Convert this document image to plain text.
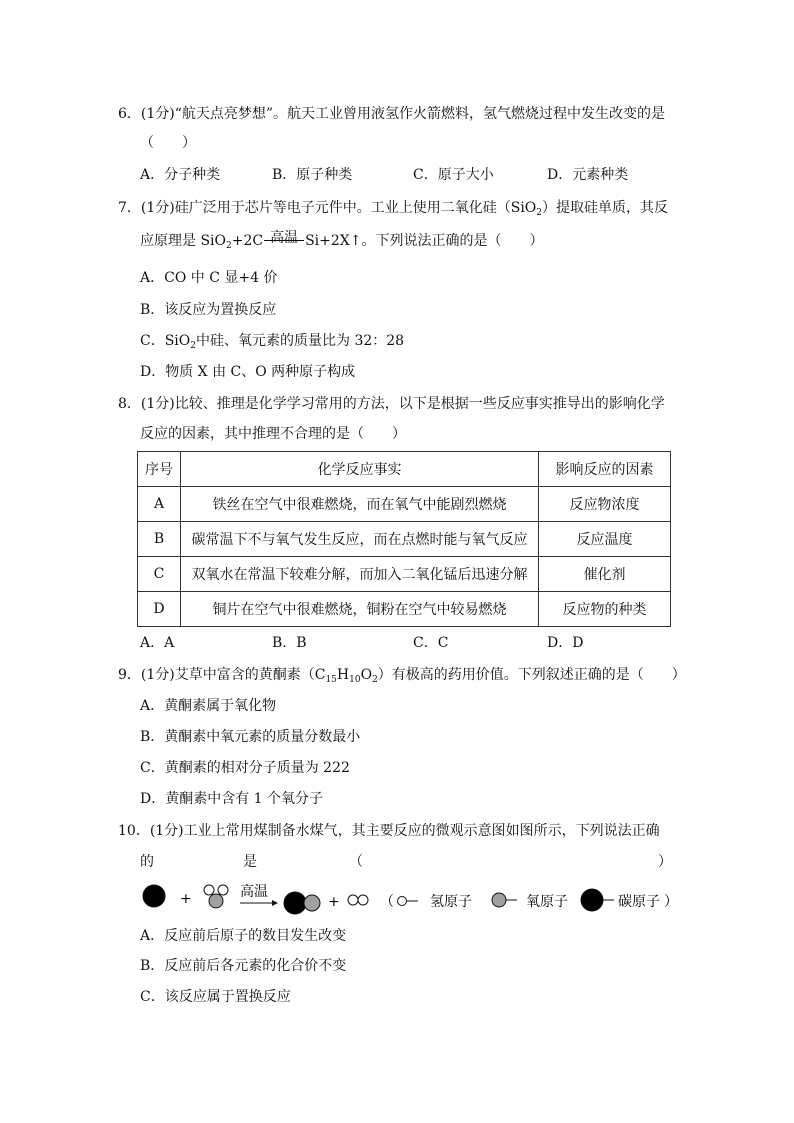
6．(1分)“航天点亮梦想”。航天工业曾用液氢作火箭燃料，氢气燃烧过程中发生改变的是
（　　）
A．分子种类	B．原子种类	C．原子大小	D．元素种类
7．(1分)硅广泛用于芯片等电子元件中。工业上使用二氧化硅（SiO$_2$）提取硅单质，其反
应原理是 SiO$_2$+2C 高温 Si+2X↑。下列说法正确的是（　　）
A．CO 中 C 显+4 价
B．该反应为置换反应
C．SiO$_2$中硅、氧元素的质量比为 32：28
D．物质 X 由 C、O 两种原子构成
8．(1分)比较、推理是化学学习常用的方法，以下是根据一些反应事实推导出的影响化学
反应的因素，其中推理不合理的是（　　）
序号	化学反应事实	影响反应的因素
A	铁丝在空气中很难燃烧，而在氧气中能剧烈燃烧	反应物浓度
B	碳常温下不与氧气发生反应，而在点燃时能与氧气反应	反应温度
C	双氧水在常温下较难分解，而加入二氧化锰后迅速分解	催化剂
D	铜片在空气中很难燃烧，铜粉在空气中较易燃烧	反应物的种类
A．A	B．B	C．C	D．D
9．(1分)艾草中富含的黄酮素$(C_{15}H_{10}O_2)$有极高的药用价值。下列叙述正确的是（　　）
A．黄酮素属于氧化物
B．黄酮素中氧元素的质量分数最小
C．黄酮素的相对分子质量为 222
D．黄酮素中含有 1 个氧分子
10．(1分)工业上常用煤制备水煤气，其主要反应的微观示意图如图所示，下列说法正确
的	是	（	）
+	高温
+	（	氢原子	氧原子	碳原子 ）
A．反应前后原子的数目发生改变
B．反应前后各元素的化合价不变
C．该反应属于置换反应
